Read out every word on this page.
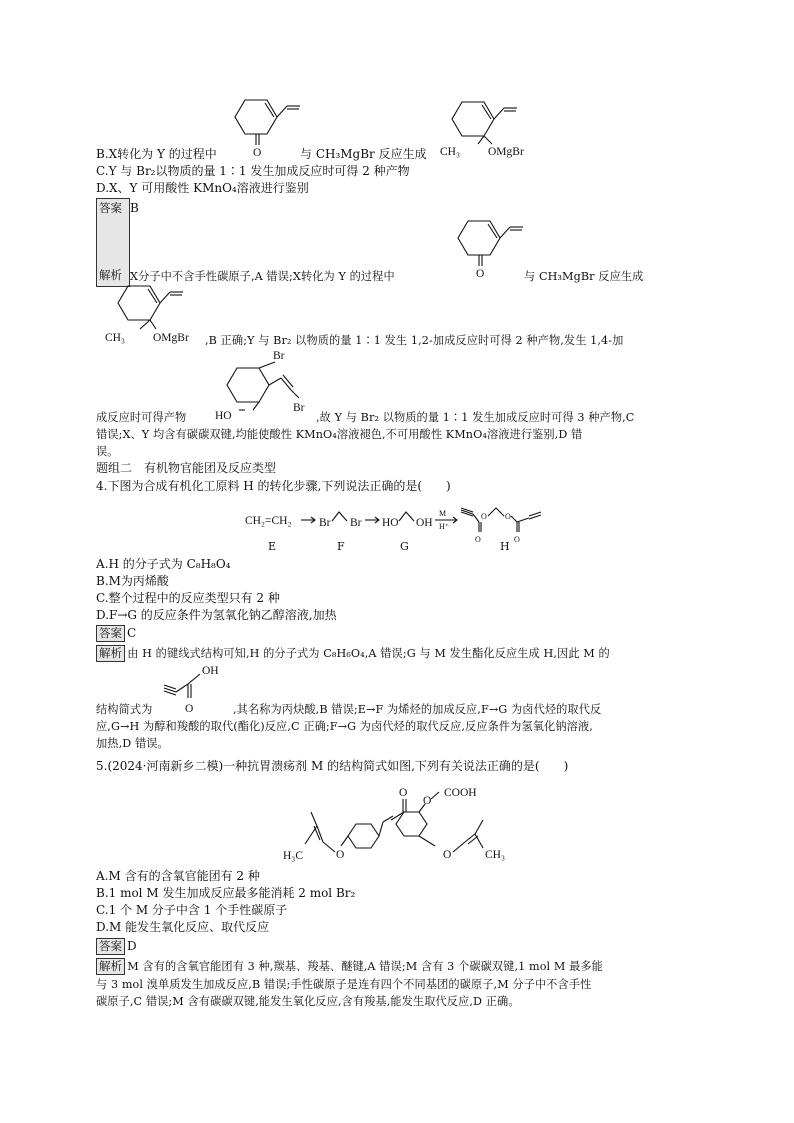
O	CH₃ OMgBr
B.X转化为 Y 的过程中	与 CH₃MgBr 反应生成
C.Y 与 Br₂以物质的量 1∶1 发生加成反应时可得 2 种产物
D.X、Y 可用酸性 KMnO₄溶液进行鉴别
答案
解析
B
O
X分子中不含手性碳原子,A 错误;X转化为 Y 的过程中	与 CH₃MgBr 反应生成
CH₃ OMgBr ,B 正确;Y 与 Br₂ 以物质的量 1∶1 发生 1,2-加成反应时可得 2 种产物,发生 1,4-加
Br
Br
HO
成反应时可得产物	,故 Y 与 Br₂ 以物质的量 1∶1 发生加成反应时可得 3 种产物,C
错误;X、Y 均含有碳碳双键,均能使酸性 KMnO₄溶液褪色,不可用酸性 KMnO₄溶液进行鉴别,D 错
误。
题组二　有机物官能团及反应类型
4.下图为合成有机化工原料 H 的转化步骤,下列说法正确的是(　　)
CH₂=CH₂ Br Br HO OH
M
H⁺
O
O O
O
E	F	G	H
A.H 的分子式为 C₈H₈O₄
B.M为丙烯酸
C.整个过程中的反应类型只有 2 种
D.F→G 的反应条件为氢氧化钠乙醇溶液,加热
答案 C
解析 由 H 的键线式结构可知,H 的分子式为 C₈H₆O₄,A 错误;G 与 M 发生酯化反应生成 H,因此 M 的
OH
O
结构简式为	,其名称为丙炔酸,B 错误;E→F 为烯烃的加成反应,F→G 为卤代烃的取代反
应,G→H 为醇和羧酸的取代(酯化)反应,C 正确;F→G 为卤代烃的取代反应,反应条件为氢氧化钠溶液,
加热,D 错误。
5.(2024·河南新乡二模)一种抗胃溃疡剂 M 的结构简式如图,下列有关说法正确的是(　　)
O
O
COOH
O
H₃C	O	CH₃
A.M 含有的含氧官能团有 2 种
B.1 mol M 发生加成反应最多能消耗 2 mol Br₂
C.1 个 M 分子中含 1 个手性碳原子
D.M 能发生氧化反应、取代反应
答案 D
解析 M 含有的含氧官能团有 3 种,羰基、羧基、醚键,A 错误;M 含有 3 个碳碳双键,1 mol M 最多能
与 3 mol 溴单质发生加成反应,B 错误;手性碳原子是连有四个不同基团的碳原子,M 分子中不含手性
碳原子,C 错误;M 含有碳碳双键,能发生氧化反应,含有羧基,能发生取代反应,D 正确。
